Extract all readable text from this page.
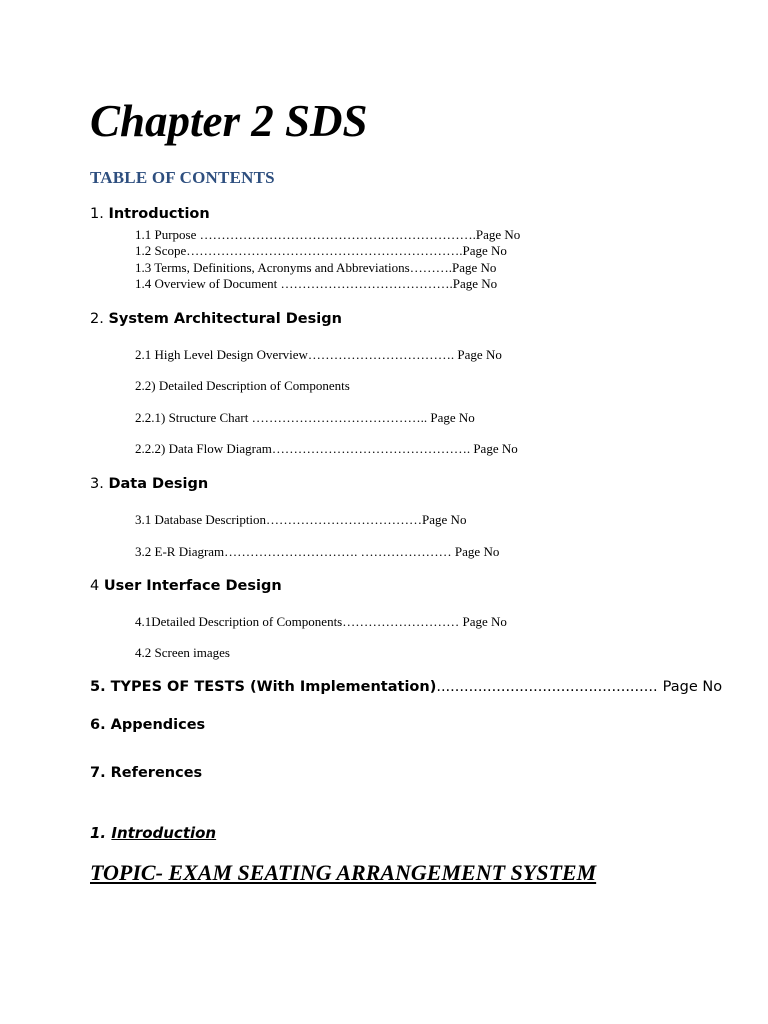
Chapter 2 SDS
TABLE OF CONTENTS
1. Introduction
1.1 Purpose ……………………………………………………….Page No
1.2 Scope……………………………………………………….Page No
1.3 Terms, Definitions, Acronyms and Abbreviations……….Page No
1.4 Overview of Document ………………………………….Page No
2. System Architectural Design
2.1 High Level Design Overview……………………………. Page No
2.2) Detailed Description of Components
2.2.1) Structure Chart ………………………………….. Page No
2.2.2) Data Flow Diagram………………………………………. Page No
3. Data Design
3.1 Database Description………………………………Page No
3.2 E-R Diagram…………………………. ………………… Page No
4 User Interface Design
4.1Detailed Description of Components……………………… Page No
4.2 Screen images
5. TYPES OF TESTS (With Implementation)................................................ Page No
6. Appendices
7. References
1. Introduction
TOPIC- EXAM SEATING ARRANGEMENT SYSTEM
